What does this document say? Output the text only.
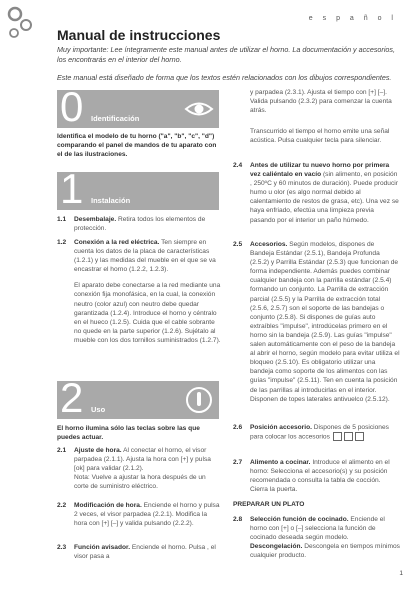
e s p a ñ o l
Manual de instrucciones
Muy importante: Lee íntegramente este manual antes de utilizar el horno. La documentación y accesorios, los encontrarás en el interior del horno.
Este manual está diseñado de forma que los textos estén relacionados con los dibujos correspondientes.
0 Identificación
Identifica el modelo de tu horno ("a", "b", "c", "d") comparando el panel de mandos de tu aparato con el de las ilustraciones.
1 Instalación
1.1 Desembalaje. Retira todos los elementos de protección.
1.2 Conexión a la red eléctrica. Ten siempre en cuenta los datos de la placa de características (1.2.1) y las medidas del mueble en el que se va encastrar el horno (1.2.2, 1.2.3).
El aparato debe conectarse a la red mediante una conexión fija monofásica, en la cual, la conexión neutro (color azul) con neutro debe quedar garantizada (1.2.4). Introduce el horno y céntralo en el hueco (1.2.5). Cuida que el cable sobrante no quede en la parte superior (1.2.6). Sujétalo al mueble con los dos tornillos suministrados (1.2.7).
2 Uso
El horno ilumina sólo las teclas sobre las que puedes actuar.
2.1 Ajuste de hora. Al conectar el horno, el visor parpadea (2.1.1). Ajusta la hora con [+] y pulsa [ok] para validar (2.1.2).
Nota: Vuelve a ajustar la hora después de un corte de suministro eléctrico.
2.2 Modificación de hora. Enciende el horno y pulsa 2 veces, el visor parpadea (2.2.1). Modifica la hora con [+] [–] y valida pulsando (2.2.2).
2.3 Función avisador. Enciende el horno. Pulsa , el visor pasa a
y parpadea (2.3.1). Ajusta el tiempo con [+] [–]. Valida pulsando (2.3.2) para comenzar la cuenta atrás.
Transcurrido el tiempo el horno emite una señal acústica. Pulsa cualquier tecla para silenciar.
2.4 Antes de utilizar tu nuevo horno por primera vez caliéntalo en vacío (sin alimento, en posición , 250ºC y 60 minutos de duración). Puede producir humo u olor (es algo normal debido al calentamiento de restos de grasa, etc). Una vez se haya enfriado, efectúa una limpieza previa pasando por el interior un paño húmedo.
2.5 Accesorios. Según modelos, dispones de Bandeja Estándar (2.5.1), Bandeja Profunda (2.5.2) y Parrilla Estándar (2.5.3) que funcionan de forma independiente. Además puedes combinar cualquier bandeja con la parrilla estándar (2.5.4) formando un conjunto. La Parrilla de extracción parcial (2.5.5) y la Parrilla de extracción total (2.5.6, 2.5.7) son el soporte de las bandejas o conjunto (2.5.8). Si dispones de guías auto extraíbles "impulse", introdúcelas primero en el horno sin la bandeja (2.5.9). Las guías "impulse" salen automáticamente con el peso de la bandeja al abrir el horno, según modelo para evitar utiliza el bloqueo (2.5.10). Es obligatorio utilizar una bandeja como soporte de los alimentos con las guías "impulse" (2.5.11). Ten en cuenta la posición de las parrillas al introducirlas en el interior. Disponen de topes laterales antivuelco (2.5.12).
2.6 Posición accesorio. Dispones de 5 posiciones para colocar los accesorios
2.7 Alimento a cocinar. Introduce el alimento en el horno: Selecciona el accesorio(s) y su posición recomendada o consulta la tabla de cocción. Cierra la puerta.
PREPARAR UN PLATO
2.8 Selección función de cocinado. Enciende el horno con [+] o [–] selecciona la función de cocinado deseada según modelo.
Descongelación. Descongela en tiempos mínimos cualquier producto.
1
